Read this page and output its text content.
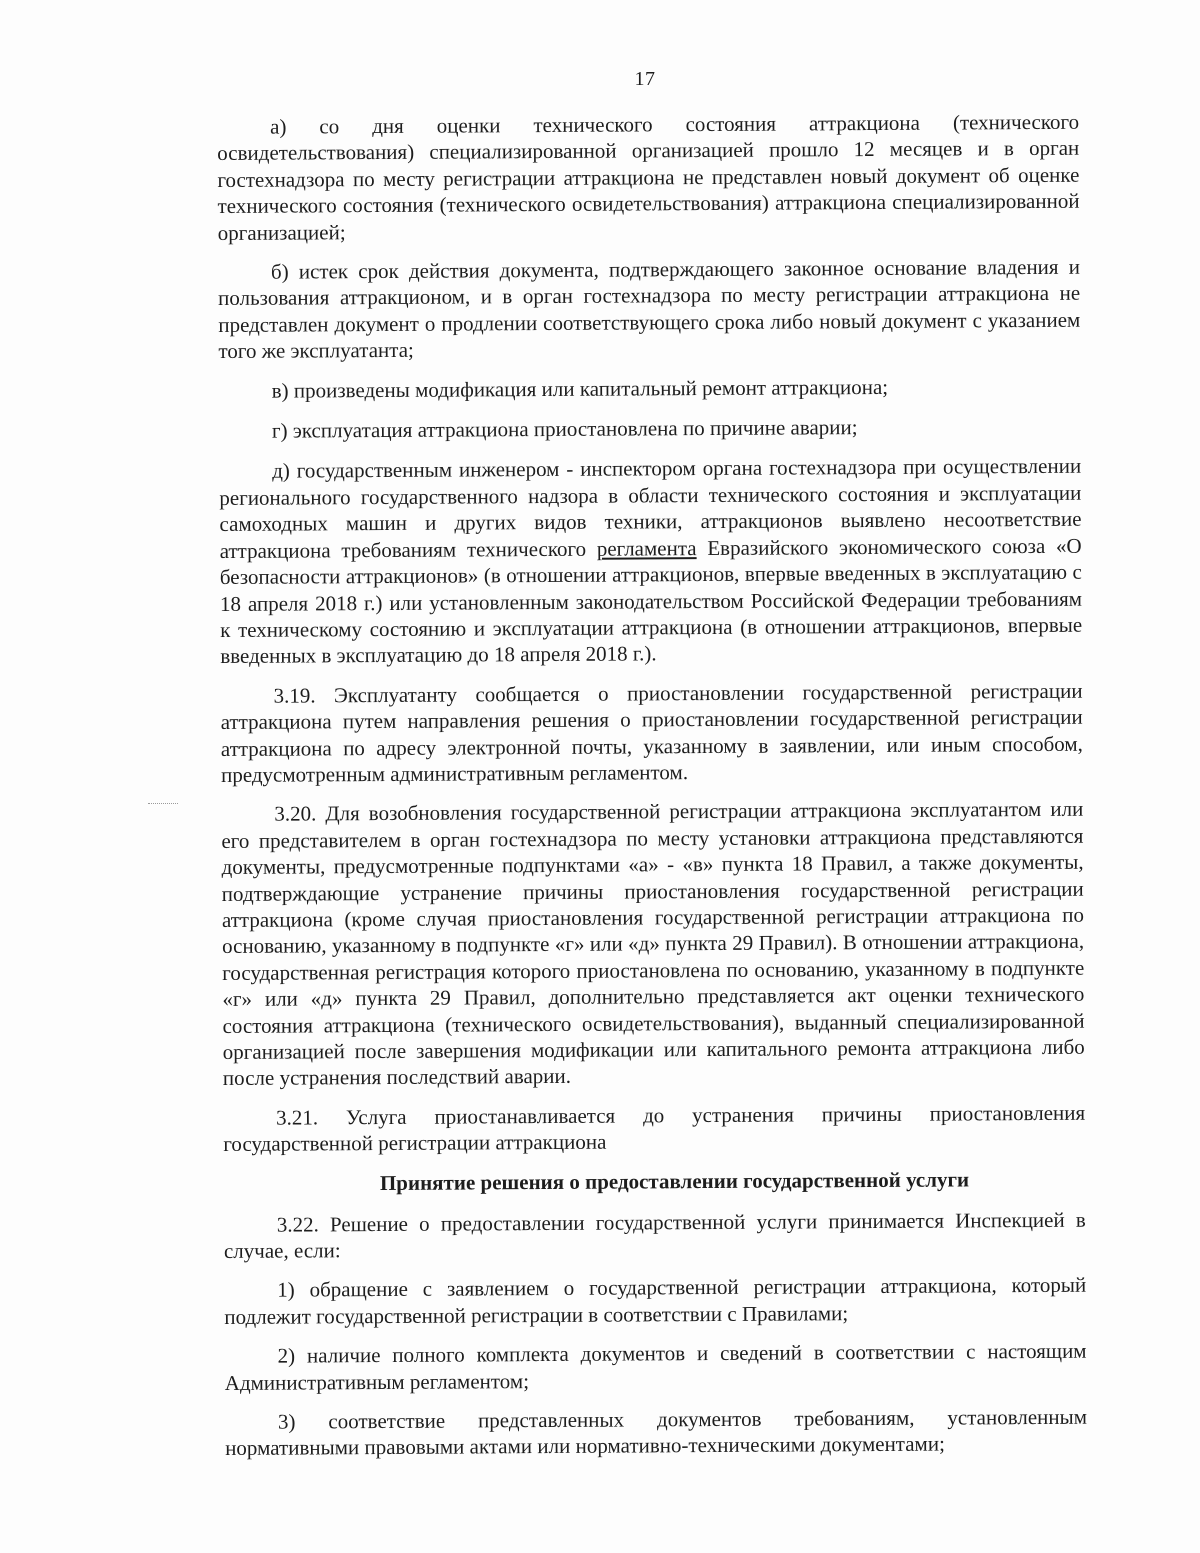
17

а) со дня оценки технического состояния аттракциона (технического освидетельствования) специализированной организацией прошло 12 месяцев и в орган гостехнадзора по месту регистрации аттракциона не представлен новый документ об оценке технического состояния (технического освидетельствования) аттракциона специализированной организацией;

б) истек срок действия документа, подтверждающего законное основание владения и пользования аттракционом, и в орган гостехнадзора по месту регистрации аттракциона не представлен документ о продлении соответствующего срока либо новый документ с указанием того же эксплуатанта;

в) произведены модификация или капитальный ремонт аттракциона;

г) эксплуатация аттракциона приостановлена по причине аварии;

д) государственным инженером - инспектором органа гостехнадзора при осуществлении регионального государственного надзора в области технического состояния и эксплуатации самоходных машин и других видов техники, аттракционов выявлено несоответствие аттракциона требованиям технического регламента Евразийского экономического союза «О безопасности аттракционов» (в отношении аттракционов, впервые введенных в эксплуатацию с 18 апреля 2018 г.) или установленным законодательством Российской Федерации требованиям к техническому состоянию и эксплуатации аттракциона (в отношении аттракционов, впервые введенных в эксплуатацию до 18 апреля 2018 г.).

3.19. Эксплуатанту сообщается о приостановлении государственной регистрации аттракциона путем направления решения о приостановлении государственной регистрации аттракциона по адресу электронной почты, указанному в заявлении, или иным способом, предусмотренным административным регламентом.

3.20. Для возобновления государственной регистрации аттракциона эксплуатантом или его представителем в орган гостехнадзора по месту установки аттракциона представляются документы, предусмотренные подпунктами «а» - «в» пункта 18 Правил, а также документы, подтверждающие устранение причины приостановления государственной регистрации аттракциона (кроме случая приостановления государственной регистрации аттракциона по основанию, указанному в подпункте «г» или «д» пункта 29 Правил). В отношении аттракциона, государственная регистрация которого приостановлена по основанию, указанному в подпункте «г» или «д» пункта 29 Правил, дополнительно представляется акт оценки технического состояния аттракциона (технического освидетельствования), выданный специализированной организацией после завершения модификации или капитального ремонта аттракциона либо после устранения последствий аварии.

3.21. Услуга приостанавливается до устранения причины приостановления государственной регистрации аттракциона

Принятие решения о предоставлении государственной услуги

3.22. Решение о предоставлении государственной услуги принимается Инспекцией в случае, если:

1) обращение с заявлением о государственной регистрации аттракциона, который подлежит государственной регистрации в соответствии с Правилами;

2) наличие полного комплекта документов и сведений в соответствии с настоящим Административным регламентом;

3) соответствие представленных документов требованиям, установленным нормативными правовыми актами или нормативно-техническими документами;
